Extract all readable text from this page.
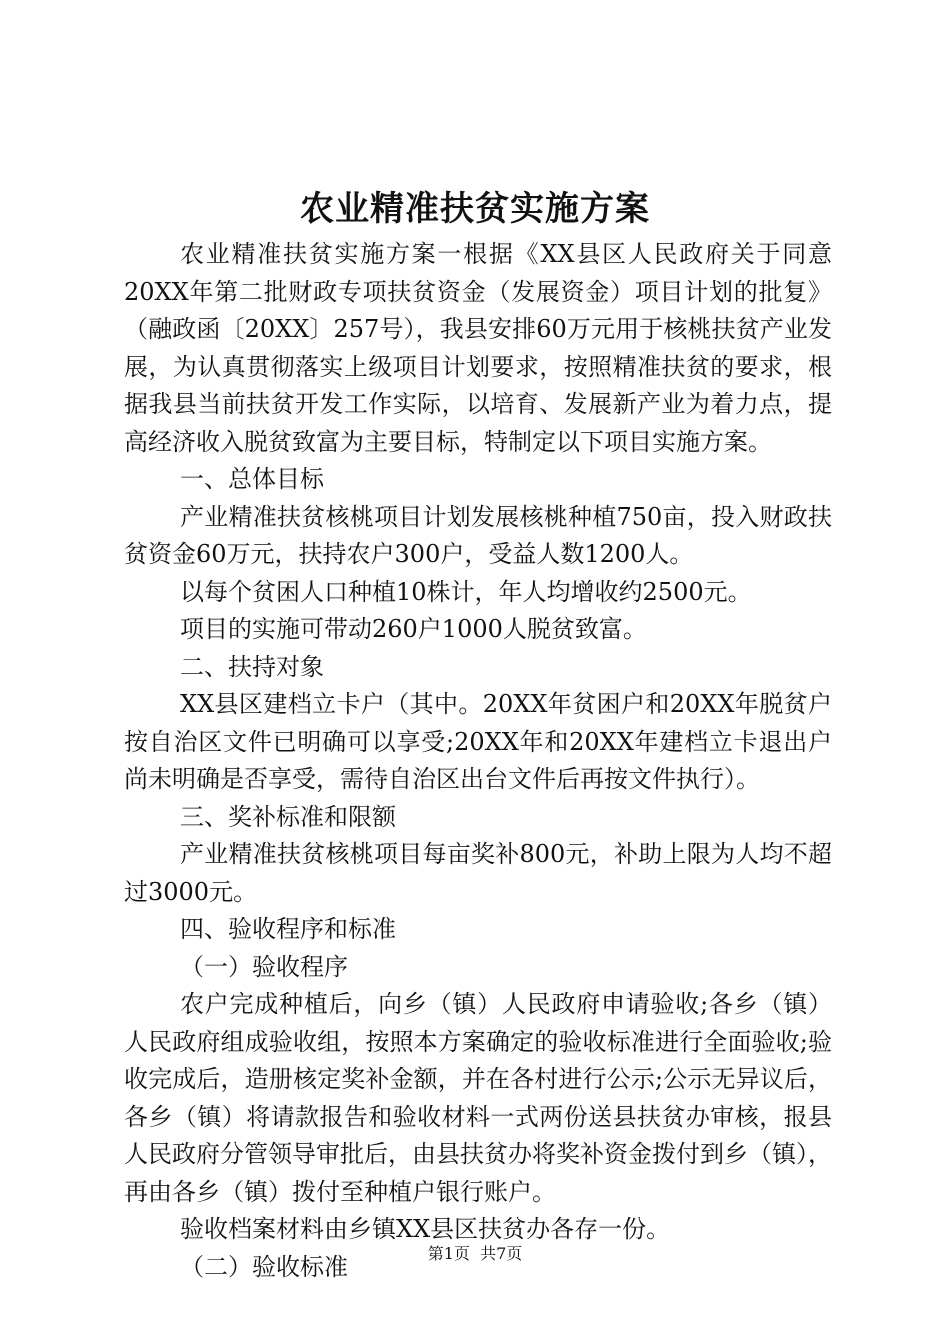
农业精准扶贫实施方案

农业精准扶贫实施方案一根据《XX县区人民政府关于同意20XX年第二批财政专项扶贫资金（发展资金）项目计划的批复》（融政函〔20XX〕257号），我县安排60万元用于核桃扶贫产业发展，为认真贯彻落实上级项目计划要求，按照精准扶贫的要求，根据我县当前扶贫开发工作实际，以培育、发展新产业为着力点，提高经济收入脱贫致富为主要目标，特制定以下项目实施方案。

一、总体目标

产业精准扶贫核桃项目计划发展核桃种植750亩，投入财政扶贫资金60万元，扶持农户300户，受益人数1200人。

以每个贫困人口种植10株计，年人均增收约2500元。

项目的实施可带动260户1000人脱贫致富。

二、扶持对象

XX县区建档立卡户（其中。20XX年贫困户和20XX年脱贫户按自治区文件已明确可以享受;20XX年和20XX年建档立卡退出户尚未明确是否享受，需待自治区出台文件后再按文件执行）。

三、奖补标准和限额

产业精准扶贫核桃项目每亩奖补800元，补助上限为人均不超过3000元。

四、验收程序和标准

（一）验收程序

农户完成种植后，向乡（镇）人民政府申请验收;各乡（镇）人民政府组成验收组，按照本方案确定的验收标准进行全面验收;验收完成后，造册核定奖补金额，并在各村进行公示;公示无异议后，各乡（镇）将请款报告和验收材料一式两份送县扶贫办审核，报县人民政府分管领导审批后，由县扶贫办将奖补资金拨付到乡（镇），再由各乡（镇）拨付至种植户银行账户。

验收档案材料由乡镇XX县区扶贫办各存一份。

（二）验收标准	第1页  共7页
